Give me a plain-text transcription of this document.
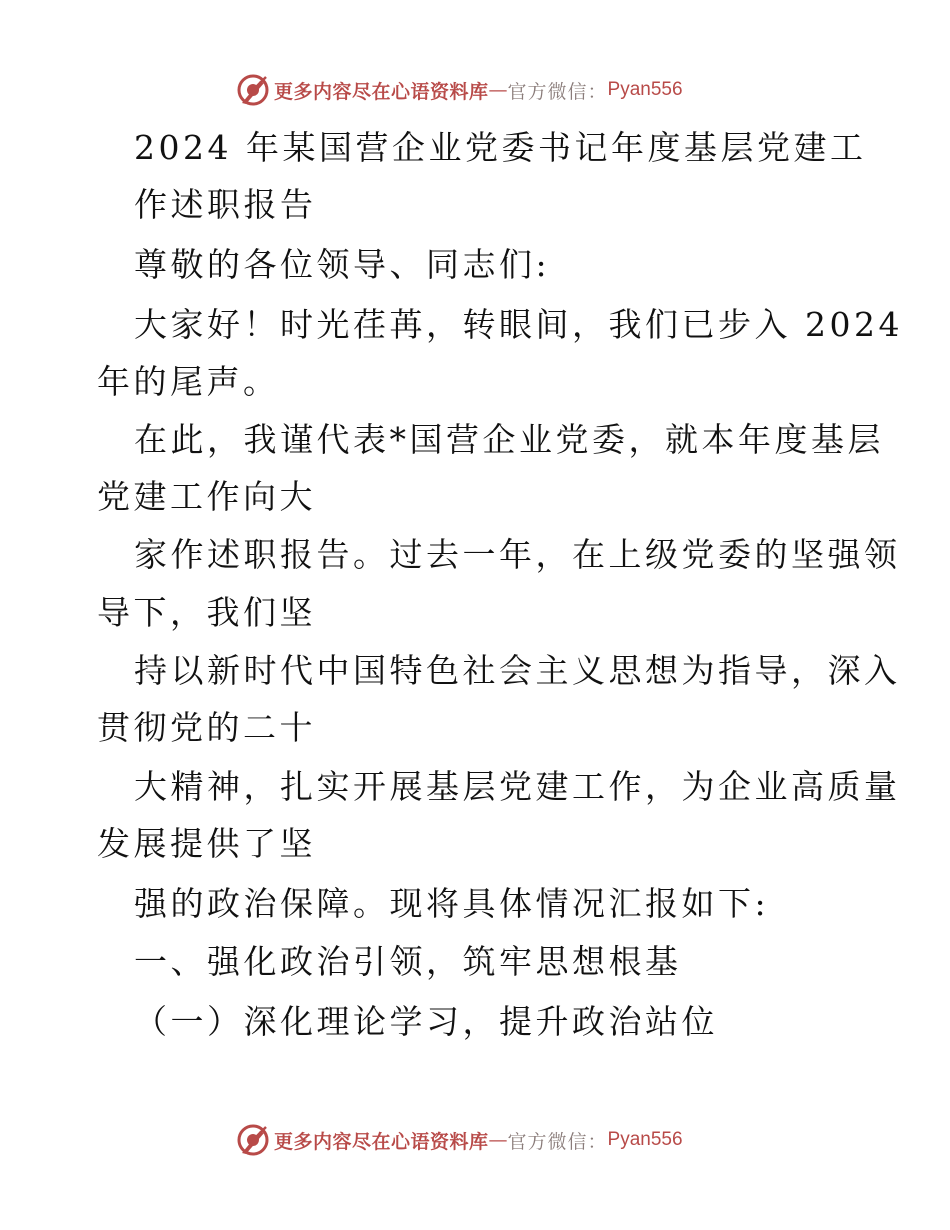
更多内容尽在心语资料库 — 官方微信： Pyan556
2024 年某国营企业党委书记年度基层党建工
作述职报告
尊敬的各位领导、同志们:
大家好！时光荏苒，转眼间，我们已步入 2024
年的尾声。
在此，我谨代表*国营企业党委，就本年度基层
党建工作向大
家作述职报告。过去一年，在上级党委的坚强领
导下，我们坚
持以新时代中国特色社会主义思想为指导，深入
贯彻党的二十
大精神，扎实开展基层党建工作，为企业高质量
发展提供了坚
强的政治保障。现将具体情况汇报如下:
一、强化政治引领，筑牢思想根基
（一）深化理论学习，提升政治站位
更多内容尽在心语资料库 — 官方微信： Pyan556
